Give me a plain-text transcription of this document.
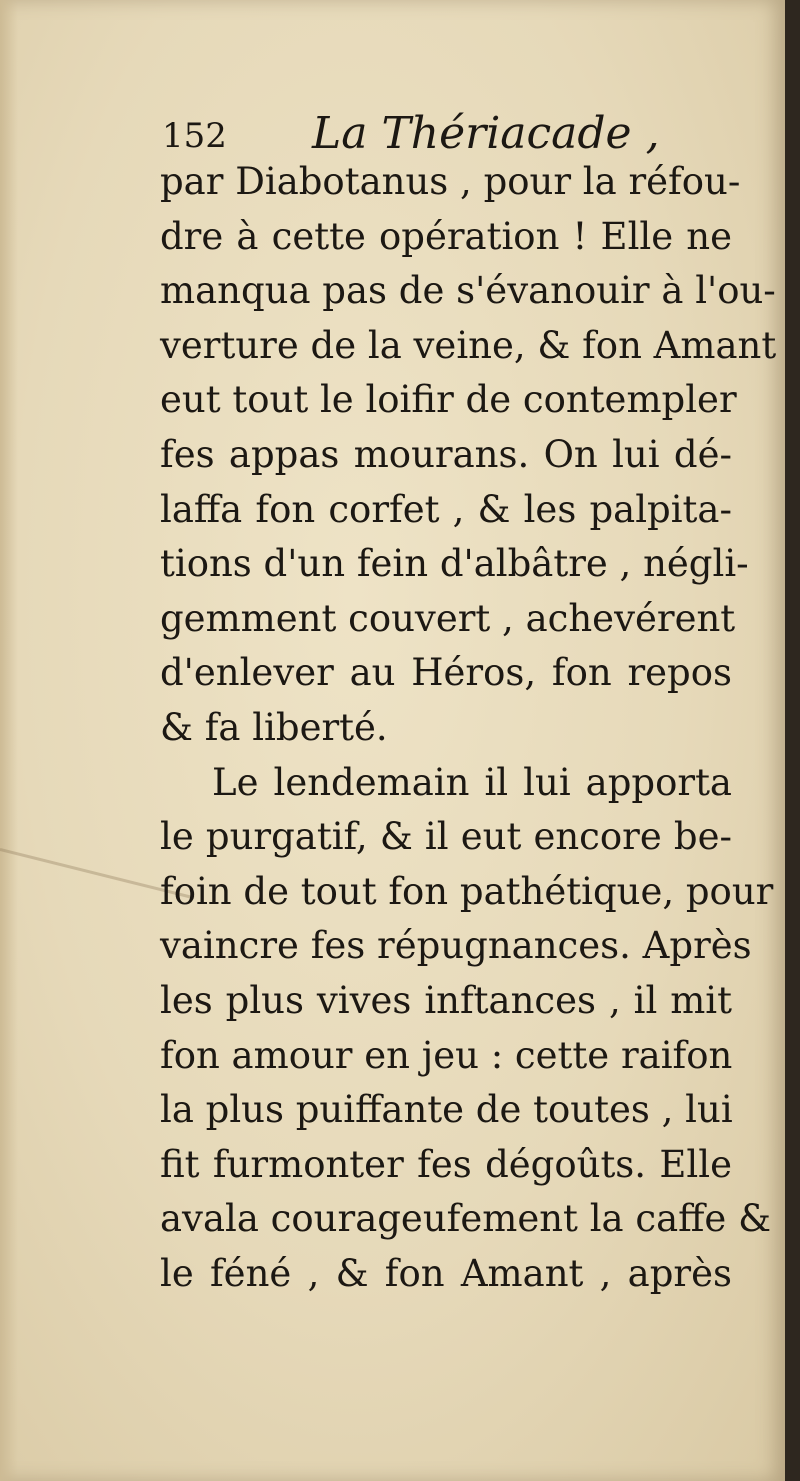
152 La Thériacade ,
par Diabotanus , pour la réfou-
dre à cette opération ! Elle ne
manqua pas de s'évanouir à l'ou-
verture de la veine, & fon Amant
eut tout le loifir de contempler
fes appas mourans. On lui dé-
laffa fon corfet , & les palpita-
tions d'un fein d'albâtre , négli-
gemment couvert , achevérent
d'enlever au Héros, fon repos
& fa liberté.
Le lendemain il lui apporta
le purgatif, & il eut encore be-
foin de tout fon pathétique, pour
vaincre fes répugnances. Après
les plus vives inftances , il mit
fon amour en jeu : cette raifon
la plus puiffante de toutes , lui
fit furmonter fes dégoûts. Elle
avala courageufement la caffe &
le féné , & fon Amant , après
